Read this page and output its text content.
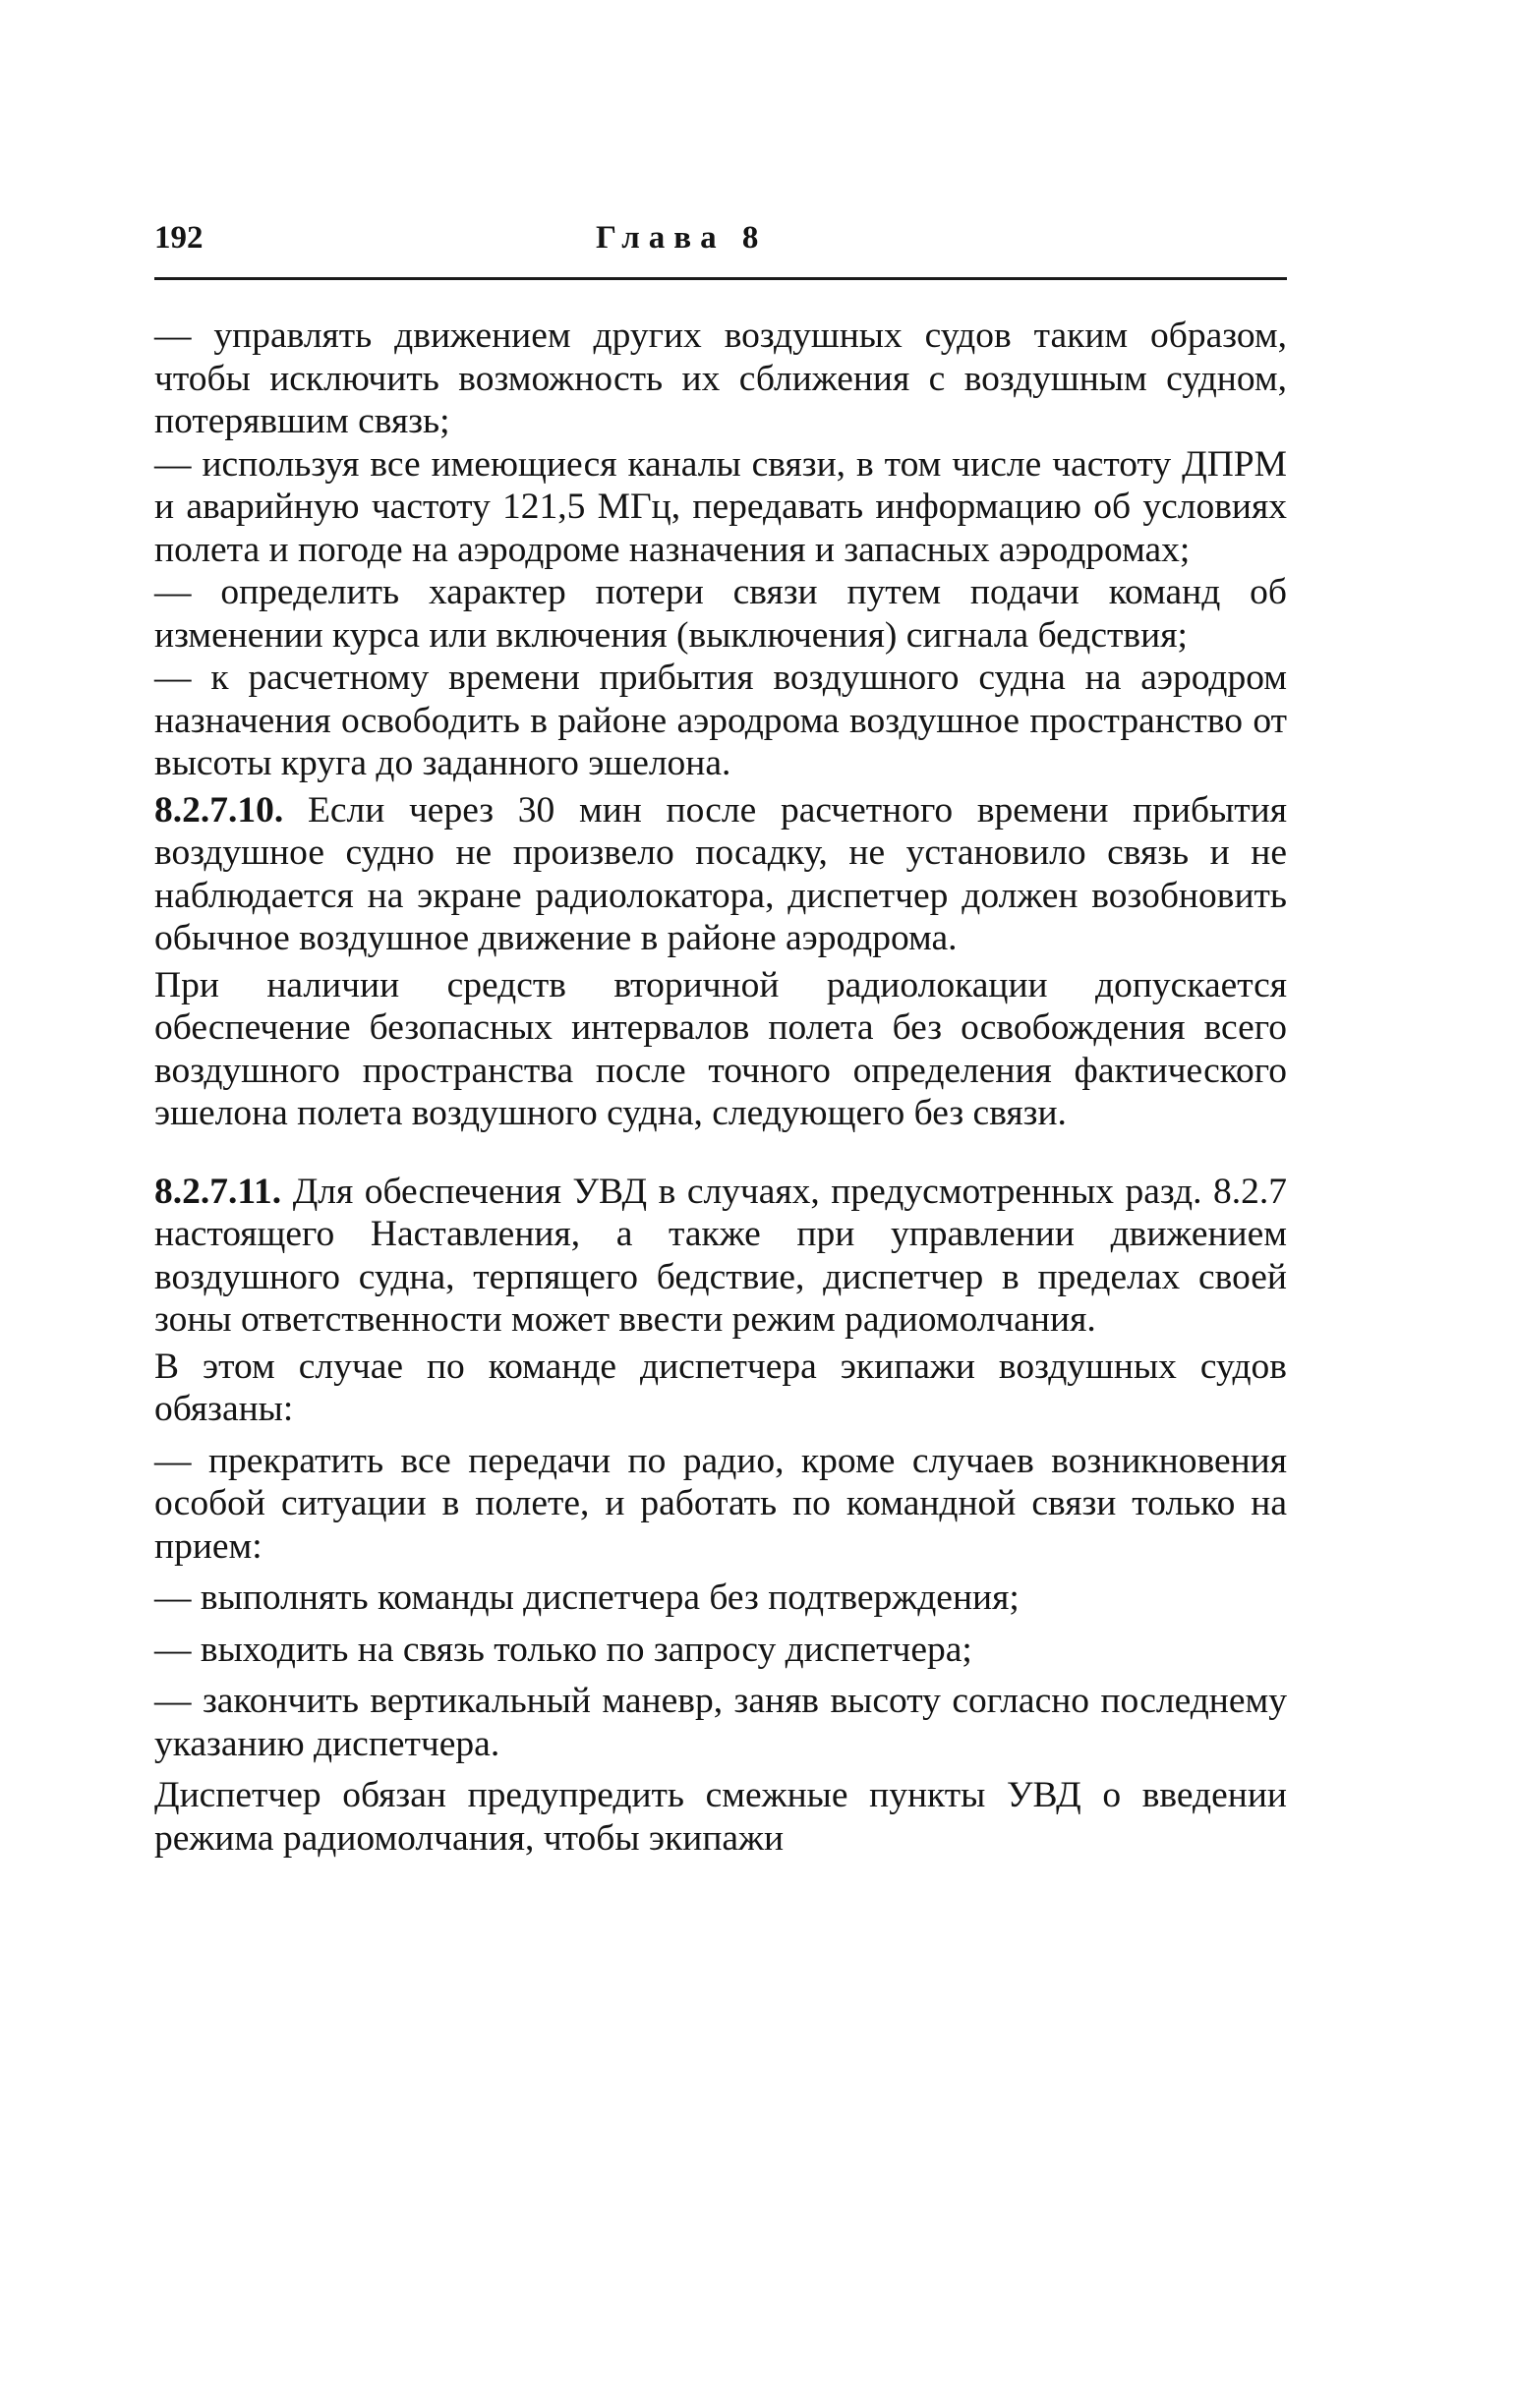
192	Глава 8

— управлять движением других воздушных судов таким образом, чтобы исключить возможность их сближения с воздушным судном, потерявшим связь;

— используя все имеющиеся каналы связи, в том числе частоту ДПРМ и аварийную частоту 121,5 МГц, передавать информацию об условиях полета и погоде на аэродроме назначения и запасных аэродромах;

— определить характер потери связи путем подачи команд об изменении курса или включения (выключения) сигнала бедствия;

— к расчетному времени прибытия воздушного судна на аэродром назначения освободить в районе аэродрома воздушное пространство от высоты круга до заданного эшелона.

8.2.7.10. Если через 30 мин после расчетного времени прибытия воздушное судно не произвело посадку, не установило связь и не наблюдается на экране радиолокатора, диспетчер должен возобновить обычное воздушное движение в районе аэродрома.

При наличии средств вторичной радиолокации допускается обеспечение безопасных интервалов полета без освобождения всего воздушного пространства после точного определения фактического эшелона полета воздушного судна, следующего без связи.

8.2.7.11. Для обеспечения УВД в случаях, предусмотренных разд. 8.2.7 настоящего Наставления, а также при управлении движением воздушного судна, терпящего бедствие, диспетчер в пределах своей зоны ответственности может ввести режим радиомолчания.

В этом случае по команде диспетчера экипажи воздушных судов обязаны:

— прекратить все передачи по радио, кроме случаев возникновения особой ситуации в полете, и работать по командной связи только на прием:

— выполнять команды диспетчера без подтверждения;

— выходить на связь только по запросу диспетчера;

— закончить вертикальный маневр, заняв высоту согласно последнему указанию диспетчера.

Диспетчер обязан предупредить смежные пункты УВД о введении режима радиомолчания, чтобы экипажи
